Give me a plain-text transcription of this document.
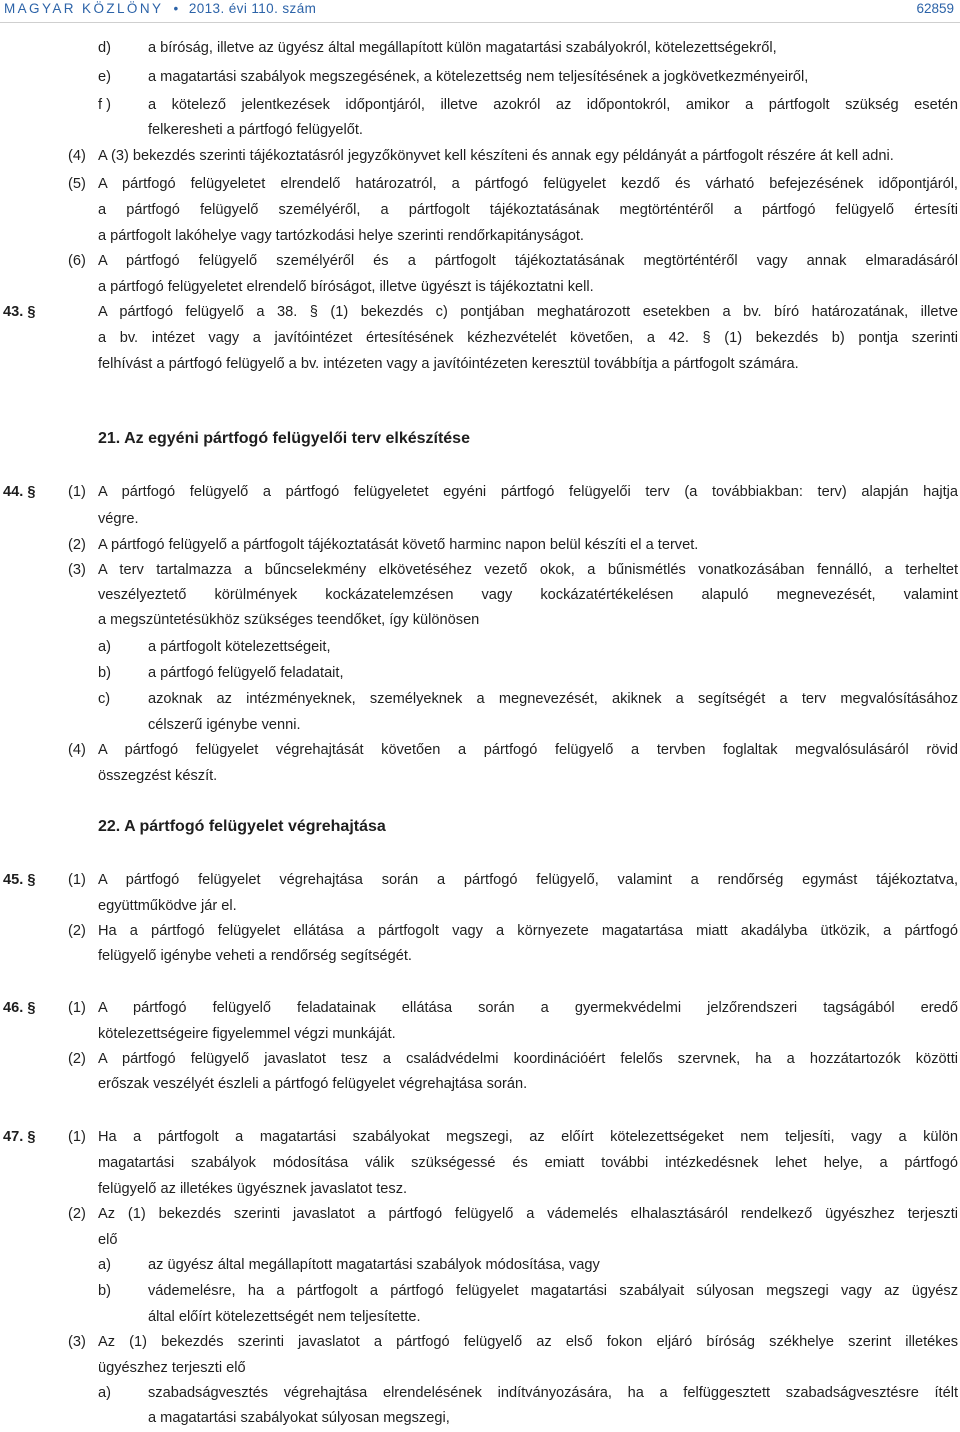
MAGYAR KÖZLÖNY • 2013. évi 110. szám	62859
d)	a bíróság, illetve az ügyész által megállapított külön magatartási szabályokról, kötelezettségekről,
e)	a magatartási szabályok megszegésének, a kötelezettség nem teljesítésének a jogkövetkezményeiről,
f )	a kötelező jelentkezések időpontjáról, illetve azokról az időpontokról, amikor a pártfogolt szükség esetén
felkeresheti a pártfogó felügyelőt.
(4) A (3) bekezdés szerinti tájékoztatásról jegyzőkönyvet kell készíteni és annak egy példányát a pártfogolt részére át kell adni.
(5) A pártfogó felügyeletet elrendelő határozatról, a pártfogó felügyelet kezdő és várható befejezésének időpontjáról,
a pártfogó felügyelő személyéről, a pártfogolt tájékoztatásának megtörténtéről a pártfogó felügyelő értesíti
a pártfogolt lakóhelye vagy tartózkodási helye szerinti rendőrkapitányságot.
(6) A pártfogó felügyelő személyéről és a pártfogolt tájékoztatásának megtörténtéről vagy annak elmaradásáról
a pártfogó felügyeletet elrendelő bíróságot, illetve ügyészt is tájékoztatni kell.
43. §	A pártfogó felügyelő a 38. § (1) bekezdés c) pontjában meghatározott esetekben a bv. bíró határozatának, illetve
a bv. intézet vagy a javítóintézet értesítésének kézhezvételét követően, a 42. § (1) bekezdés b) pontja szerinti
felhívást a pártfogó felügyelő a bv. intézeten vagy a javítóintézeten keresztül továbbítja a pártfogolt számára.
21. Az egyéni pártfogó felügyelői terv elkészítése
44. § (1) A pártfogó felügyelő a pártfogó felügyeletet egyéni pártfogó felügyelői terv (a továbbiakban: terv) alapján hajtja
végre.
(2) A pártfogó felügyelő a pártfogolt tájékoztatását követő harminc napon belül készíti el a tervet.
(3) A terv tartalmazza a bűncselekmény elkövetéséhez vezető okok, a bűnismétlés vonatkozásában fennálló, a terheltet
veszélyeztető körülmények kockázatelemzésen vagy kockázatértékelésen alapuló megnevezését, valamint
a megszüntetésükhöz szükséges teendőket, így különösen
a)	a pártfogolt kötelezettségeit,
b)	a pártfogó felügyelő feladatait,
c)	azoknak az intézményeknek, személyeknek a megnevezését, akiknek a segítségét a terv megvalósításához
célszerű igénybe venni.
(4) A pártfogó felügyelet végrehajtását követően a pártfogó felügyelő a tervben foglaltak megvalósulásáról rövid
összegzést készít.
22. A pártfogó felügyelet végrehajtása
45. § (1) A pártfogó felügyelet végrehajtása során a pártfogó felügyelő, valamint a rendőrség egymást tájékoztatva,
együttműködve jár el.
(2) Ha a pártfogó felügyelet ellátása a pártfogolt vagy a környezete magatartása miatt akadályba ütközik, a pártfogó
felügyelő igénybe veheti a rendőrség segítségét.
46. § (1) A pártfogó felügyelő feladatainak ellátása során a gyermekvédelmi jelzőrendszeri tagságából eredő
kötelezettségeire figyelemmel végzi munkáját.
(2) A pártfogó felügyelő javaslatot tesz a családvédelmi koordinációért felelős szervnek, ha a hozzátartozók közötti
erőszak veszélyét észleli a pártfogó felügyelet végrehajtása során.
47. § (1) Ha a pártfogolt a magatartási szabályokat megszegi, az előírt kötelezettségeket nem teljesíti, vagy a külön
magatartási szabályok módosítása válik szükségessé és emiatt további intézkedésnek lehet helye, a pártfogó
felügyelő az illetékes ügyésznek javaslatot tesz.
(2) Az (1) bekezdés szerinti javaslatot a pártfogó felügyelő a vádemelés elhalasztásáról rendelkező ügyészhez terjeszti
elő
a)	az ügyész által megállapított magatartási szabályok módosítása, vagy
b)	vádemelésre, ha a pártfogolt a pártfogó felügyelet magatartási szabályait súlyosan megszegi vagy az ügyész
által előírt kötelezettségét nem teljesítette.
(3) Az (1) bekezdés szerinti javaslatot a pártfogó felügyelő az első fokon eljáró bíróság székhelye szerint illetékes
ügyészhez terjeszti elő
a)	szabadságvesztés végrehajtása elrendelésének indítványozására, ha a felfüggesztett szabadságvesztésre ítélt
a magatartási szabályokat súlyosan megszegi,
